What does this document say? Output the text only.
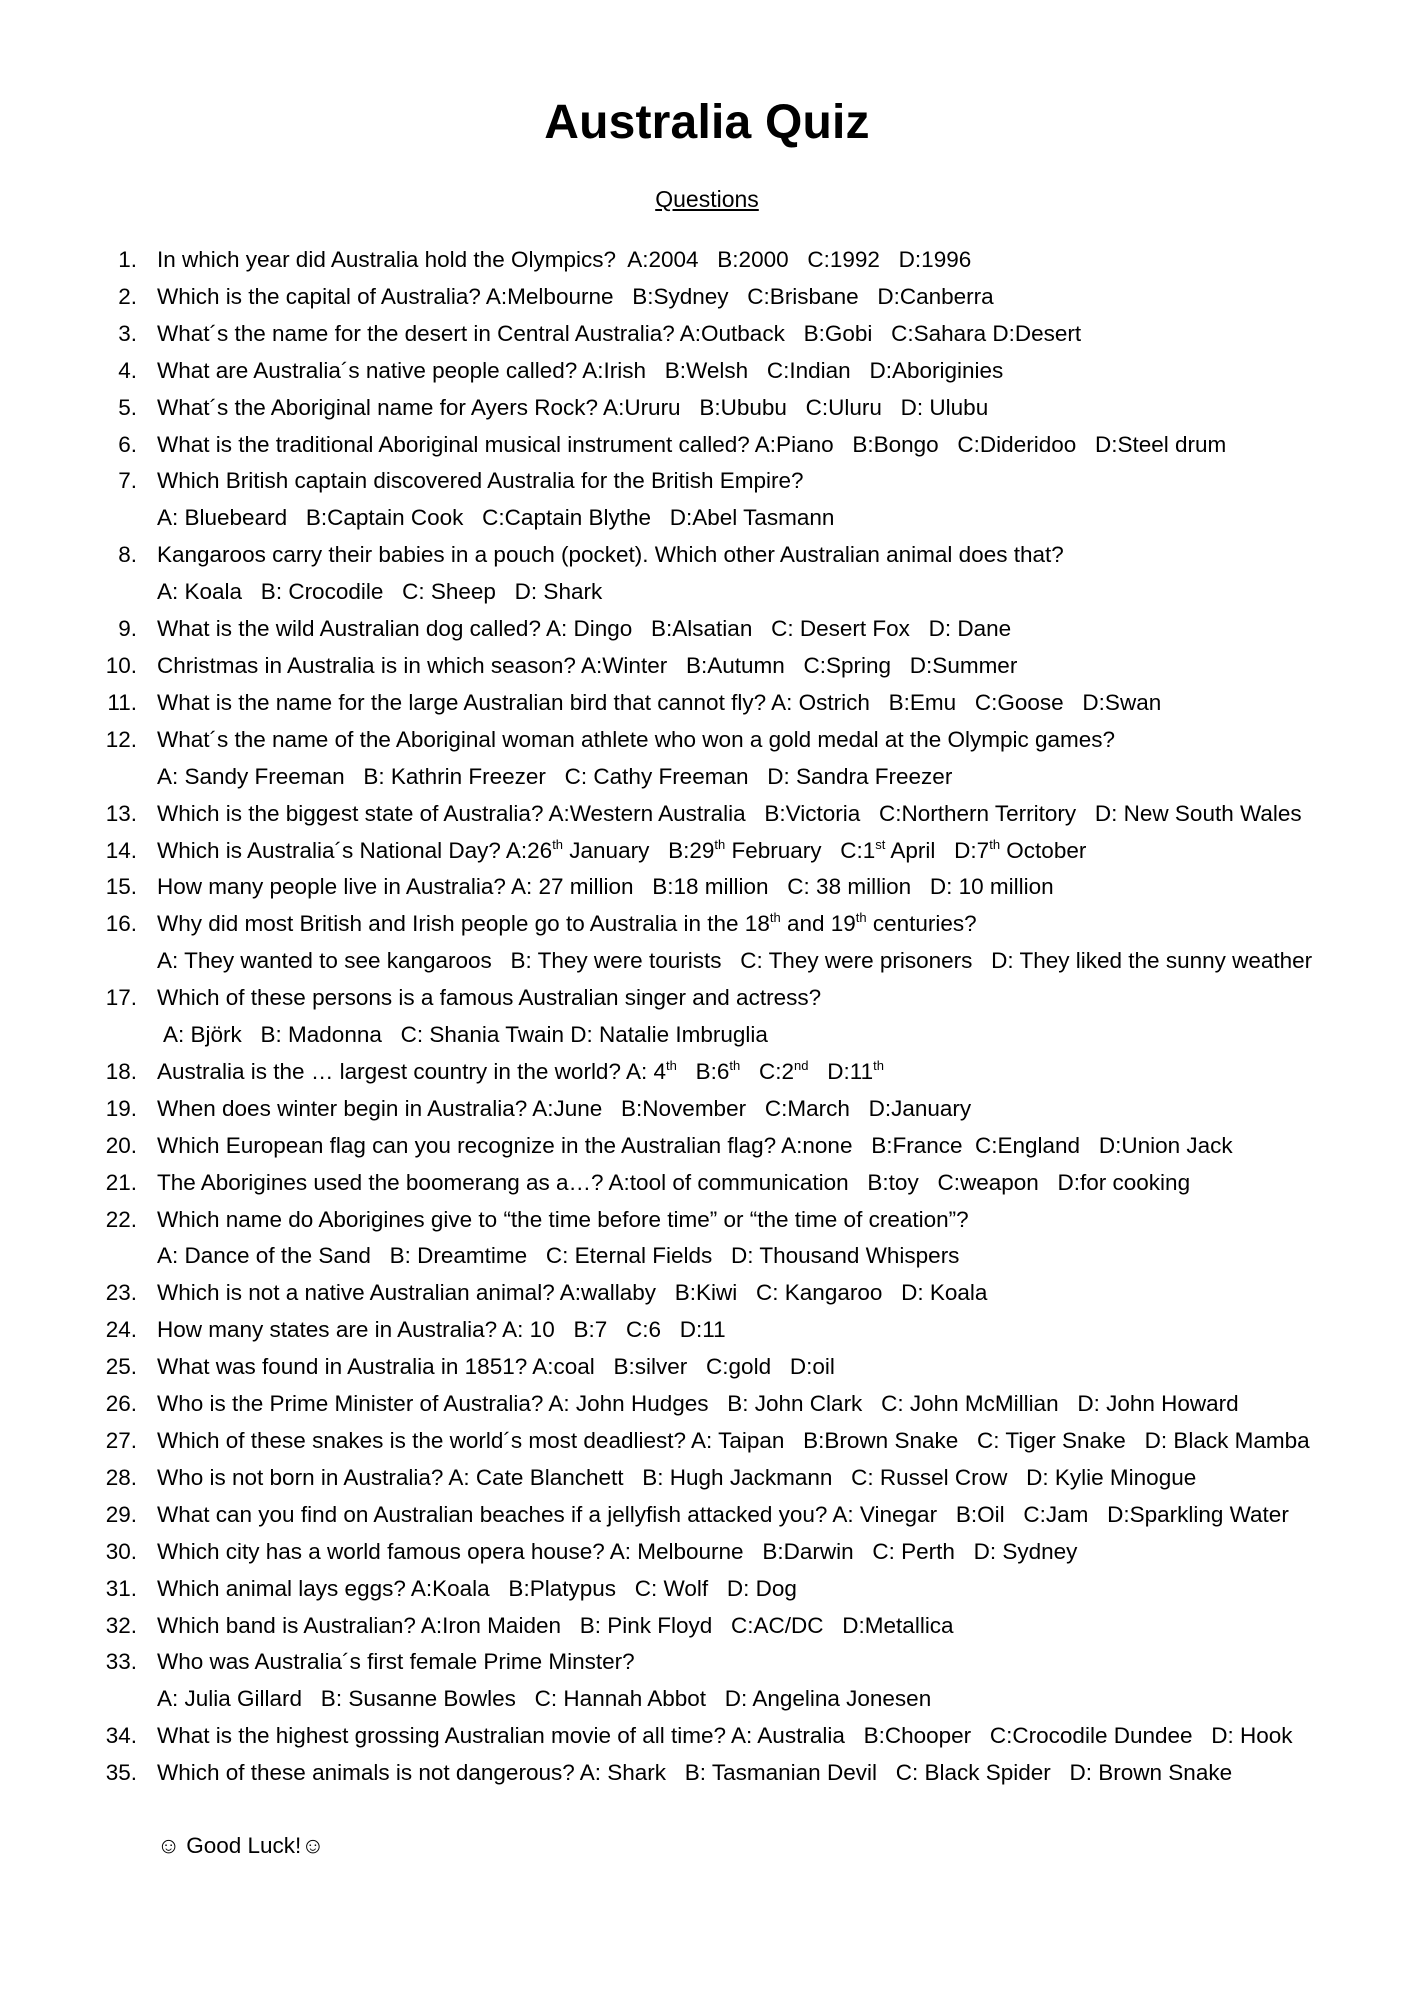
Australia Quiz
Questions
1. In which year did Australia hold the Olympics?  A:2004   B:2000   C:1992   D:1996
2. Which is the capital of Australia? A:Melbourne   B:Sydney   C:Brisbane   D:Canberra
3. What´s the name for the desert in Central Australia? A:Outback   B:Gobi   C:Sahara D:Desert
4. What are Australia´s native people called? A:Irish   B:Welsh   C:Indian   D:Aboriginies
5. What´s the Aboriginal name for Ayers Rock? A:Ururu   B:Ububu   C:Uluru   D: Ulubu
6. What is the traditional Aboriginal musical instrument called? A:Piano   B:Bongo   C:Dideridoo   D:Steel drum
7. Which British captain discovered Australia for the British Empire?
A: Bluebeard   B:Captain Cook   C:Captain Blythe   D:Abel Tasmann
8. Kangaroos carry their babies in a pouch (pocket). Which other Australian animal does that?
A: Koala   B: Crocodile   C: Sheep   D: Shark
9. What is the wild Australian dog called? A: Dingo   B:Alsatian   C: Desert Fox   D: Dane
10. Christmas in Australia is in which season? A:Winter   B:Autumn   C:Spring   D:Summer
11. What is the name for the large Australian bird that cannot fly? A: Ostrich   B:Emu   C:Goose   D:Swan
12. What´s the name of the Aboriginal woman athlete who won a gold medal at the Olympic games?
A: Sandy Freeman   B: Kathrin Freezer   C: Cathy Freeman   D: Sandra Freezer
13. Which is the biggest state of Australia? A:Western Australia   B:Victoria   C:Northern Territory   D: New South Wales
14. Which is Australia´s National Day? A:26th January   B:29th February   C:1st April   D:7th October
15. How many people live in Australia? A: 27 million   B:18 million   C: 38 million   D: 10 million
16. Why did most British and Irish people go to Australia in the 18th and 19th centuries?
A: They wanted to see kangaroos   B: They were tourists   C: They were prisoners   D: They liked the sunny weather
17. Which of these persons is a famous Australian singer and actress?
A: Björk   B: Madonna   C: Shania Twain D: Natalie Imbruglia
18. Australia is the … largest country in the world? A: 4th   B:6th   C:2nd   D:11th
19. When does winter begin in Australia? A:June   B:November   C:March   D:January
20. Which European flag can you recognize in the Australian flag? A:none   B:France  C:England   D:Union Jack
21. The Aborigines used the boomerang as a…? A:tool of communication   B:toy   C:weapon   D:for cooking
22. Which name do Aborigines give to “the time before time” or “the time of creation”?
A: Dance of the Sand   B: Dreamtime   C: Eternal Fields   D: Thousand Whispers
23. Which is not a native Australian animal? A:wallaby   B:Kiwi   C: Kangaroo   D: Koala
24. How many states are in Australia? A: 10   B:7   C:6   D:11
25. What was found in Australia in 1851? A:coal   B:silver   C:gold   D:oil
26. Who is the Prime Minister of Australia? A: John Hudges   B: John Clark   C: John McMillian   D: John Howard
27. Which of these snakes is the world´s most deadliest? A: Taipan   B:Brown Snake   C: Tiger Snake   D: Black Mamba
28. Who is not born in Australia? A: Cate Blanchett   B: Hugh Jackmann   C: Russel Crow   D: Kylie Minogue
29. What can you find on Australian beaches if a jellyfish attacked you? A: Vinegar   B:Oil   C:Jam   D:Sparkling Water
30. Which city has a world famous opera house? A: Melbourne   B:Darwin   C: Perth   D: Sydney
31. Which animal lays eggs? A:Koala   B:Platypus   C: Wolf   D: Dog
32. Which band is Australian? A:Iron Maiden   B: Pink Floyd   C:AC/DC   D:Metallica
33. Who was Australia´s first female Prime Minster?
A: Julia Gillard   B: Susanne Bowles   C: Hannah Abbot   D: Angelina Jonesen
34. What is the highest grossing Australian movie of all time? A: Australia   B:Chooper   C:Crocodile Dundee   D: Hook
35. Which of these animals is not dangerous? A: Shark   B: Tasmanian Devil   C: Black Spider   D: Brown Snake
☺ Good Luck!☺
